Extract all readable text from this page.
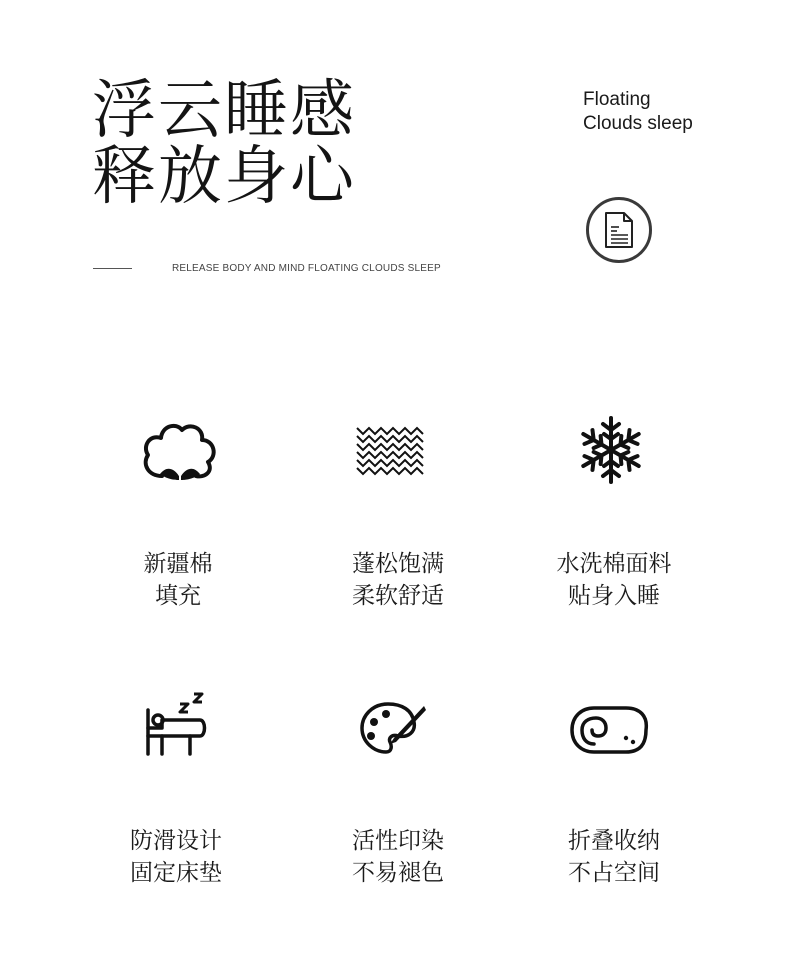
浮云睡感
释放身心
Floating
Clouds sleep
RELEASE BODY AND MIND FLOATING CLOUDS SLEEP
新疆棉
填充
蓬松饱满
柔软舒适
水洗棉面料
贴身入睡
防滑设计
固定床垫
活性印染
不易褪色
折叠收纳
不占空间
